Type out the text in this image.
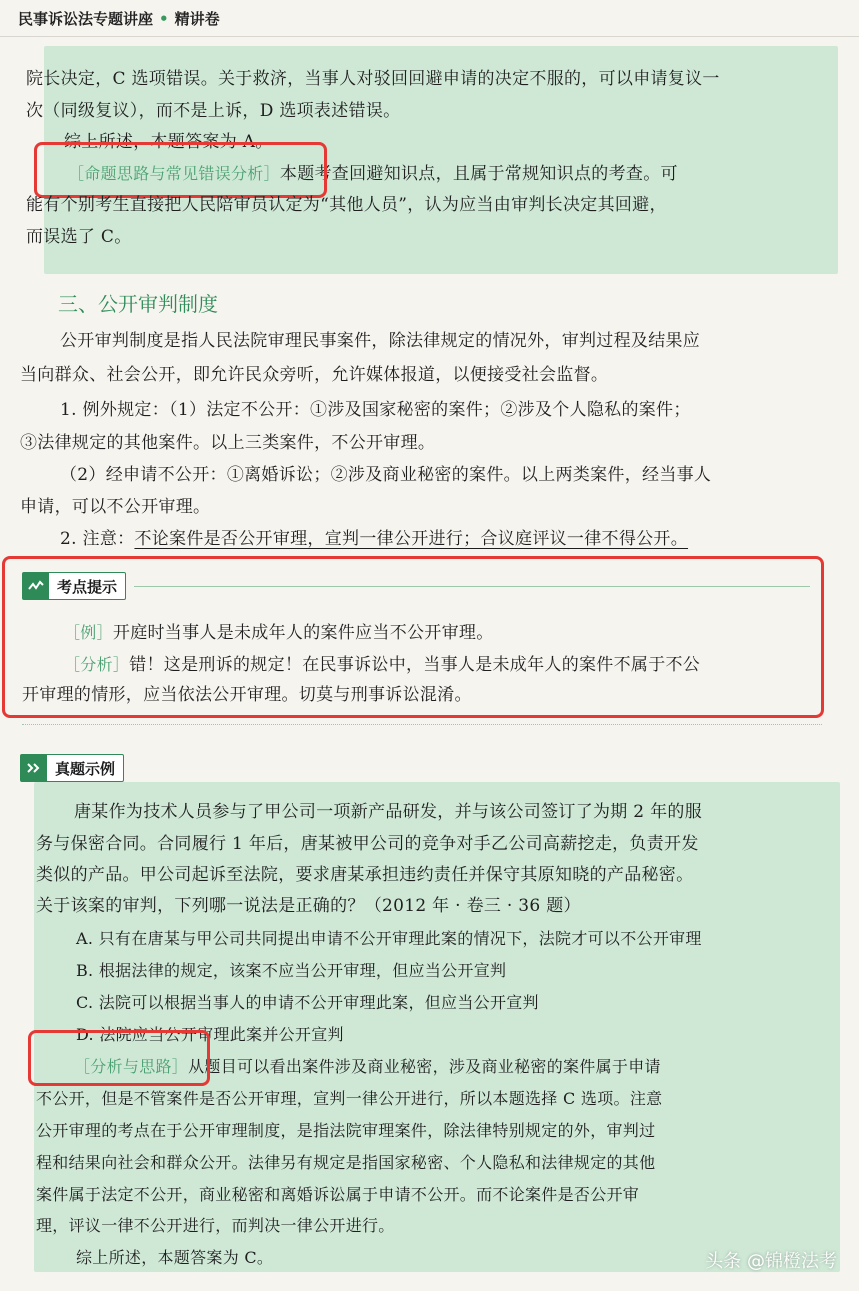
民事诉讼法专题讲座 • 精讲卷
院长决定，C 选项错误。关于救济，当事人对驳回回避申请的决定不服的，可以申请复议一
次（同级复议），而不是上诉，D 选项表述错误。
综上所述，本题答案为 A。
［命题思路与常见错误分析］本题考查回避知识点，且属于常规知识点的考查。可
能有个别考生直接把人民陪审员认定为“其他人员”，认为应当由审判长决定其回避，
而误选了 C。
三、公开审判制度
公开审判制度是指人民法院审理民事案件，除法律规定的情况外，审判过程及结果应
当向群众、社会公开，即允许民众旁听，允许媒体报道，以便接受社会监督。
1. 例外规定：（1）法定不公开：①涉及国家秘密的案件；②涉及个人隐私的案件；
③法律规定的其他案件。以上三类案件，不公开审理。
（2）经申请不公开：①离婚诉讼；②涉及商业秘密的案件。以上两类案件，经当事人
申请，可以不公开审理。
2. 注意：不论案件是否公开审理，宣判一律公开进行；合议庭评议一律不得公开。
考点提示
［例］开庭时当事人是未成年人的案件应当不公开审理。
［分析］错！这是刑诉的规定！在民事诉讼中，当事人是未成年人的案件不属于不公
开审理的情形，应当依法公开审理。切莫与刑事诉讼混淆。
真题示例
唐某作为技术人员参与了甲公司一项新产品研发，并与该公司签订了为期 2 年的服
务与保密合同。合同履行 1 年后，唐某被甲公司的竞争对手乙公司高薪挖走，负责开发
类似的产品。甲公司起诉至法院，要求唐某承担违约责任并保守其原知晓的产品秘密。
关于该案的审判，下列哪一说法是正确的？（2012 年 · 卷三 · 36 题）
A. 只有在唐某与甲公司共同提出申请不公开审理此案的情况下，法院才可以不公开审理
B. 根据法律的规定，该案不应当公开审理，但应当公开宣判
C. 法院可以根据当事人的申请不公开审理此案，但应当公开宣判
D. 法院应当公开审理此案并公开宣判
［分析与思路］从题目可以看出案件涉及商业秘密，涉及商业秘密的案件属于申请
不公开，但是不管案件是否公开审理，宣判一律公开进行，所以本题选择 C 选项。注意
公开审理的考点在于公开审理制度，是指法院审理案件，除法律特别规定的外，审判过
程和结果向社会和群众公开。法律另有规定是指国家秘密、个人隐私和法律规定的其他
案件属于法定不公开，商业秘密和离婚诉讼属于申请不公开。而不论案件是否公开审
理，评议一律不公开进行，而判决一律公开进行。
综上所述，本题答案为 C。	头条 @锦橙法考
